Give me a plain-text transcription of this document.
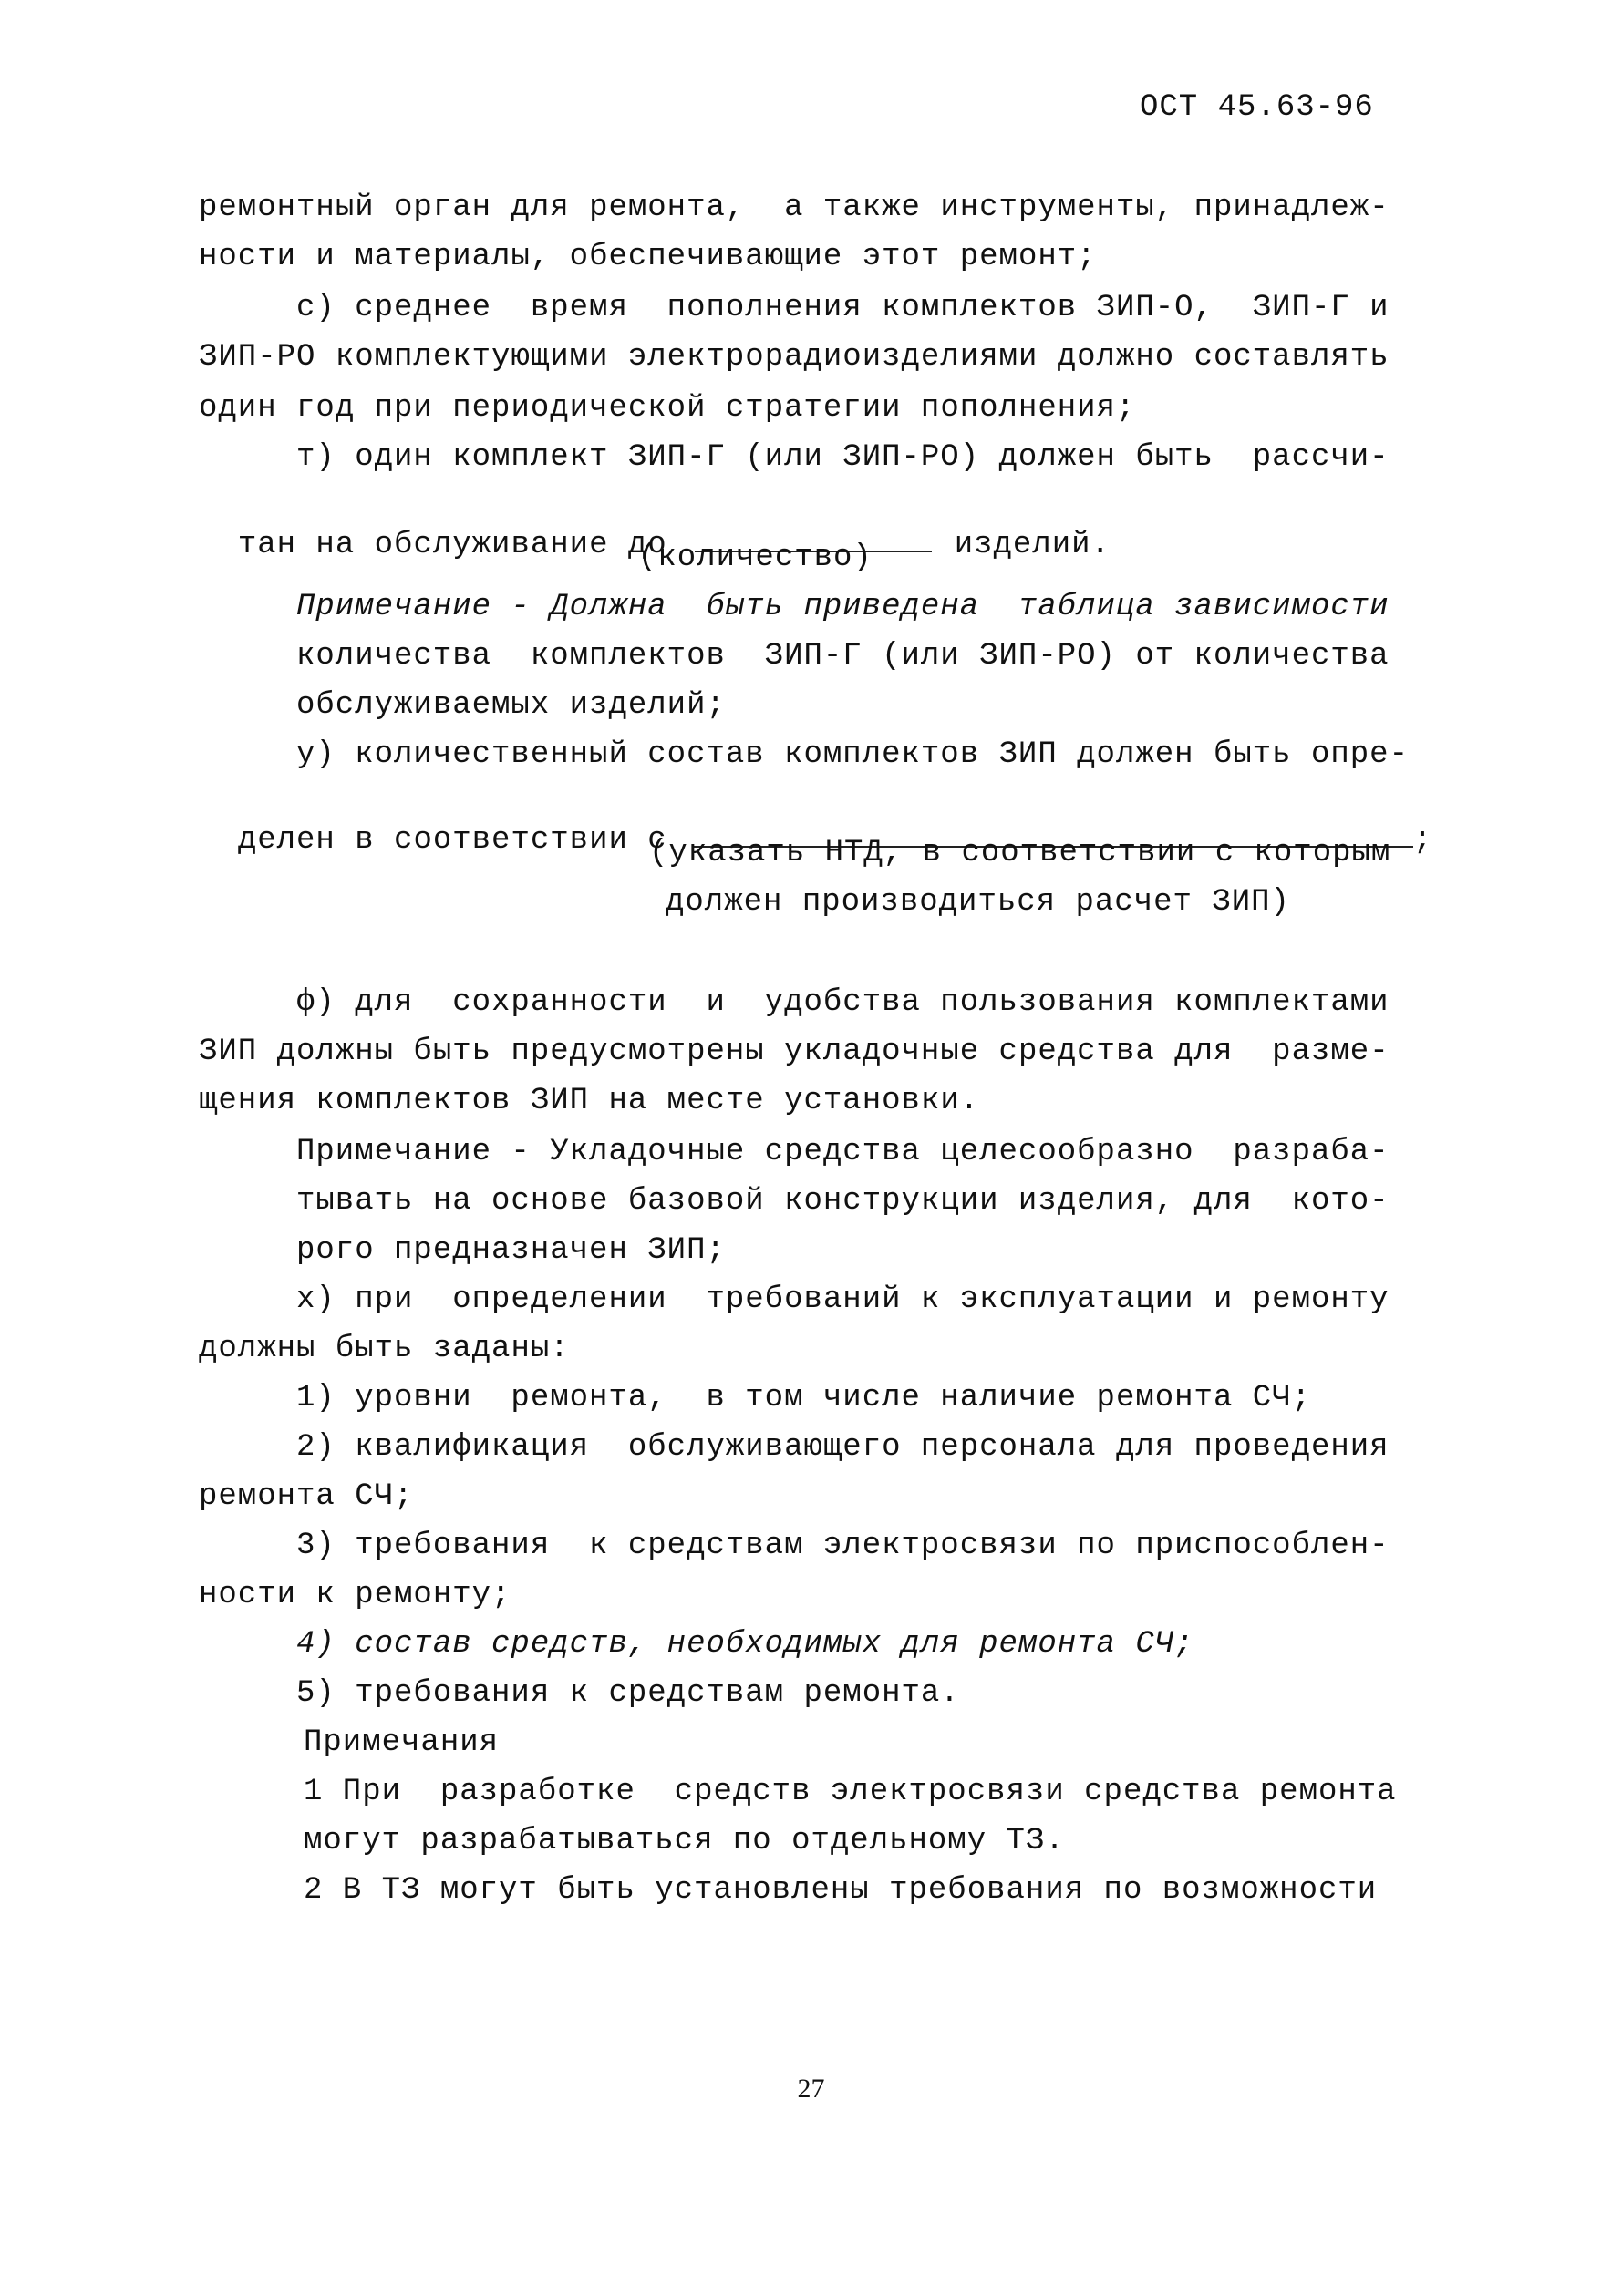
ОСТ 45.63-96
ремонтный орган для ремонта,  а также инструменты, принадлеж-
ности и материалы, обеспечивающие этот ремонт;
с) среднее  время  пополнения комплектов ЗИП-О,  ЗИП-Г и
ЗИП-РО комплектующими электрорадиоизделиями должно составлять
один год при периодической стратегии пополнения;
т) один комплект ЗИП-Г (или ЗИП-РО) должен быть  рассчи-

тан на обслуживание до	изделий.

(количество)
Примечание - Должна  быть приведена  таблица зависимости
количества  комплектов  ЗИП-Г (или ЗИП-РО) от количества
обслуживаемых изделий;
у) количественный состав комплектов ЗИП должен быть опре-

делен в соответствии с	;

(указать НТД, в соответствии с которым
должен производиться расчет ЗИП)
ф) для  сохранности  и  удобства пользования комплектами
ЗИП должны быть предусмотрены укладочные средства для  разме-
щения комплектов ЗИП на месте установки.
Примечание - Укладочные средства целесообразно  разраба-
тывать на основе базовой конструкции изделия, для  кото-
рого предназначен ЗИП;
х) при  определении  требований к эксплуатации и ремонту
должны быть заданы:
1) уровни  ремонта,  в том числе наличие ремонта СЧ;
2) квалификация  обслуживающего персонала для проведения
ремонта СЧ;
3) требования  к средствам электросвязи по приспособлен-
ности к ремонту;
4) состав средств, необходимых для ремонта СЧ;
5) требования к средствам ремонта.
Примечания
1 При  разработке  средств электросвязи средства ремонта
могут разрабатываться по отдельному ТЗ.
2 В ТЗ могут быть установлены требования по возможности
27
